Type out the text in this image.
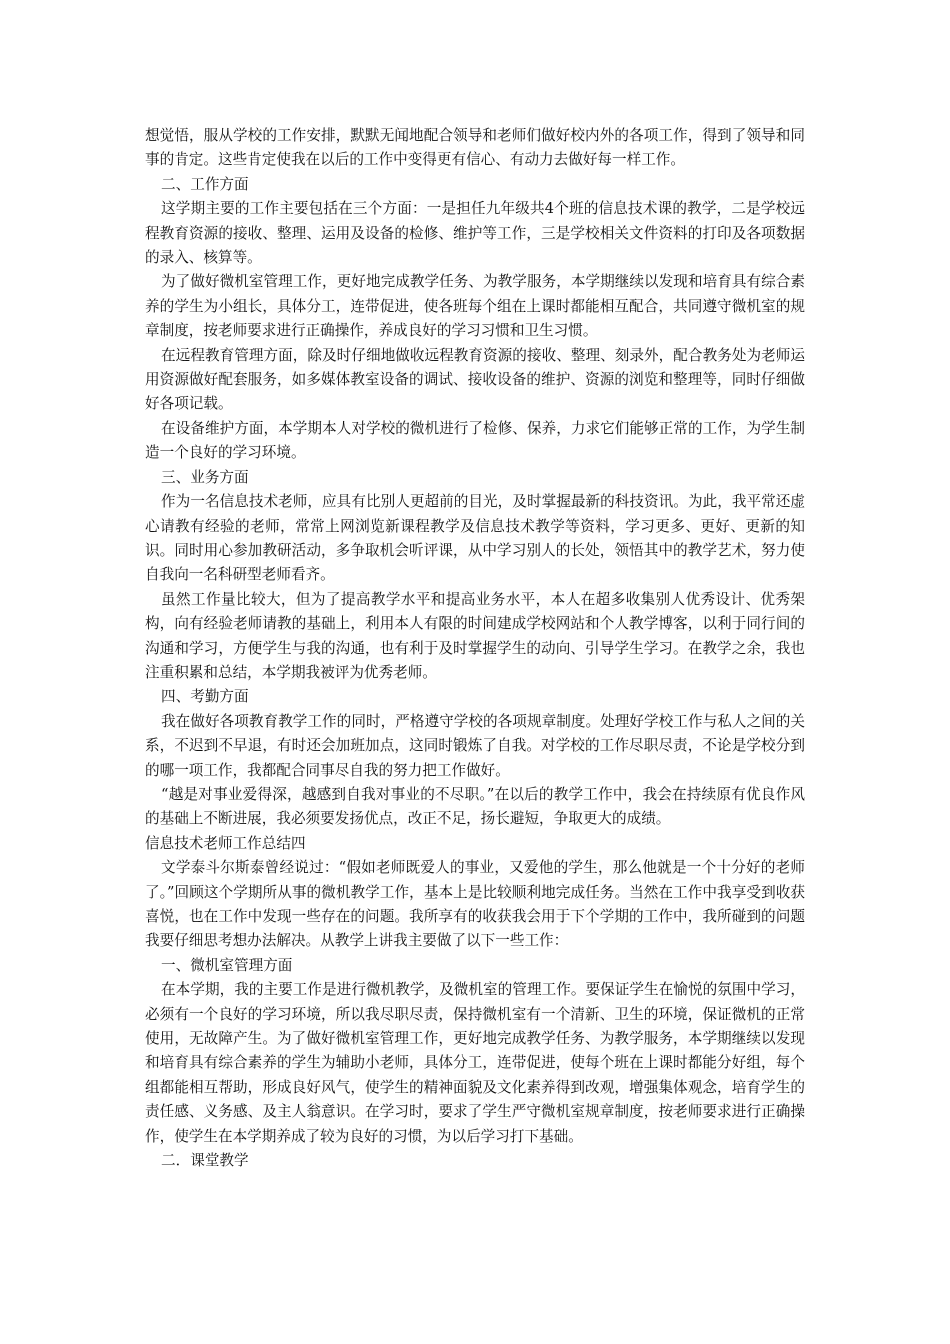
想觉悟，服从学校的工作安排，默默无闻地配合领导和老师们做好校内外的各项工作，得到了领导和同事的肯定。这些肯定使我在以后的工作中变得更有信心、有动力去做好每一样工作。

二、工作方面

这学期主要的工作主要包括在三个方面：一是担任九年级共4个班的信息技术课的教学，二是学校远程教育资源的接收、整理、运用及设备的检修、维护等工作，三是学校相关文件资料的打印及各项数据的录入、核算等。

为了做好微机室管理工作，更好地完成教学任务、为教学服务，本学期继续以发现和培育具有综合素养的学生为小组长，具体分工，连带促进，使各班每个组在上课时都能相互配合，共同遵守微机室的规章制度，按老师要求进行正确操作，养成良好的学习习惯和卫生习惯。

在远程教育管理方面，除及时仔细地做收远程教育资源的接收、整理、刻录外，配合教务处为老师运用资源做好配套服务，如多媒体教室设备的调试、接收设备的维护、资源的浏览和整理等，同时仔细做好各项记载。

在设备维护方面，本学期本人对学校的微机进行了检修、保养，力求它们能够正常的工作，为学生制造一个良好的学习环境。

三、业务方面

作为一名信息技术老师，应具有比别人更超前的目光，及时掌握最新的科技资讯。为此，我平常还虚心请教有经验的老师，常常上网浏览新课程教学及信息技术教学等资料，学习更多、更好、更新的知识。同时用心参加教研活动，多争取机会听评课，从中学习别人的长处，领悟其中的教学艺术，努力使自我向一名科研型老师看齐。

虽然工作量比较大，但为了提高教学水平和提高业务水平，本人在超多收集别人优秀设计、优秀架构，向有经验老师请教的基础上，利用本人有限的时间建成学校网站和个人教学博客，以利于同行间的沟通和学习，方便学生与我的沟通，也有利于及时掌握学生的动向、引导学生学习。在教学之余，我也注重积累和总结，本学期我被评为优秀老师。

四、考勤方面

我在做好各项教育教学工作的同时，严格遵守学校的各项规章制度。处理好学校工作与私人之间的关系，不迟到不早退，有时还会加班加点，这同时锻炼了自我。对学校的工作尽职尽责，不论是学校分到的哪一项工作，我都配合同事尽自我的努力把工作做好。

“越是对事业爱得深，越感到自我对事业的不尽职。”在以后的教学工作中，我会在持续原有优良作风的基础上不断进展，我必须要发扬优点，改正不足，扬长避短，争取更大的成绩。

信息技术老师工作总结四

文学泰斗尔斯泰曾经说过：“假如老师既爱人的事业，又爱他的学生，那么他就是一个十分好的老师了。”回顾这个学期所从事的微机教学工作，基本上是比较顺利地完成任务。当然在工作中我享受到收获喜悦，也在工作中发现一些存在的问题。我所享有的收获我会用于下个学期的工作中，我所碰到的问题我要仔细思考想办法解决。从教学上讲我主要做了以下一些工作：

一、微机室管理方面

在本学期，我的主要工作是进行微机教学，及微机室的管理工作。要保证学生在愉悦的氛围中学习，必须有一个良好的学习环境，所以我尽职尽责，保持微机室有一个清新、卫生的环境，保证微机的正常使用，无故障产生。为了做好微机室管理工作，更好地完成教学任务、为教学服务，本学期继续以发现和培育具有综合素养的学生为辅助小老师，具体分工，连带促进，使每个班在上课时都能分好组，每个组都能相互帮助，形成良好风气，使学生的精神面貌及文化素养得到改观，增强集体观念，培育学生的责任感、义务感、及主人翁意识。在学习时，要求了学生严守微机室规章制度，按老师要求进行正确操作，使学生在本学期养成了较为良好的习惯，为以后学习打下基础。

二．课堂教学
